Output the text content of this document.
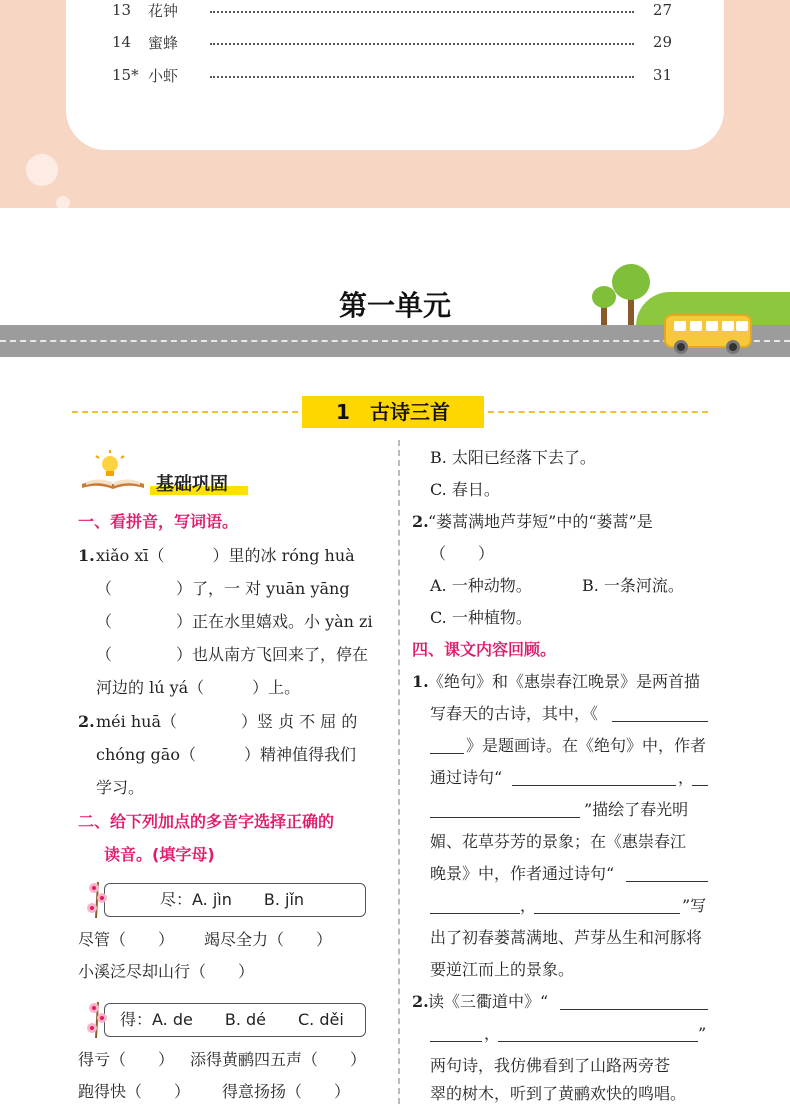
13	花钟	27
14	蜜蜂	29
15* 小虾	31
第一单元
1　古诗三首
基础巩固
一、看拼音，写词语。
1. xiǎo xī（　　　）里的冰 róng huà
（　　　　）了，一 对 yuān yāng
（　　　　）正在水里嬉戏。小 yàn zi
（　　　　）也从南方飞回来了，停在
河边的 lú yá（　　　）上。
2. méi huā（　　　　）竖 贞 不 屈 的
chóng gāo（　　　）精神值得我们
学习。
二、给下列加点的多音字选择正确的
读音。(填字母)
尽：A. jìn　　B. jǐn
尽管（　　） 竭尽全力（　　）
小溪泛尽却山行（　　）
得：A. de　　B. dé　　C. děi
得亏（　　） 添得黄鹂四五声（　　）
跑得快（　　） 得意扬扬（　　）
B. 太阳已经落下去了。
C. 春日。
2. “蒌蒿满地芦芽短”中的“蒌蒿”是
（　　）
A. 一种动物。	B. 一条河流。
C. 一种植物。
四、课文内容回顾。
1. 《绝句》和《惠崇春江晚景》是两首描
写春天的古诗，其中，《
》是题画诗。在《绝句》中，作者
通过诗句“	，
”描绘了春光明
媚、花草芬芳的景象；在《惠崇春江
晚景》中，作者通过诗句“
，	”写
出了初春蒌蒿满地、芦芽丛生和河豚将
要逆江而上的景象。
2. 读《三衢道中》“
，	”
两句诗，我仿佛看到了山路两旁苍
翠的树木，听到了黄鹂欢快的鸣唱。
